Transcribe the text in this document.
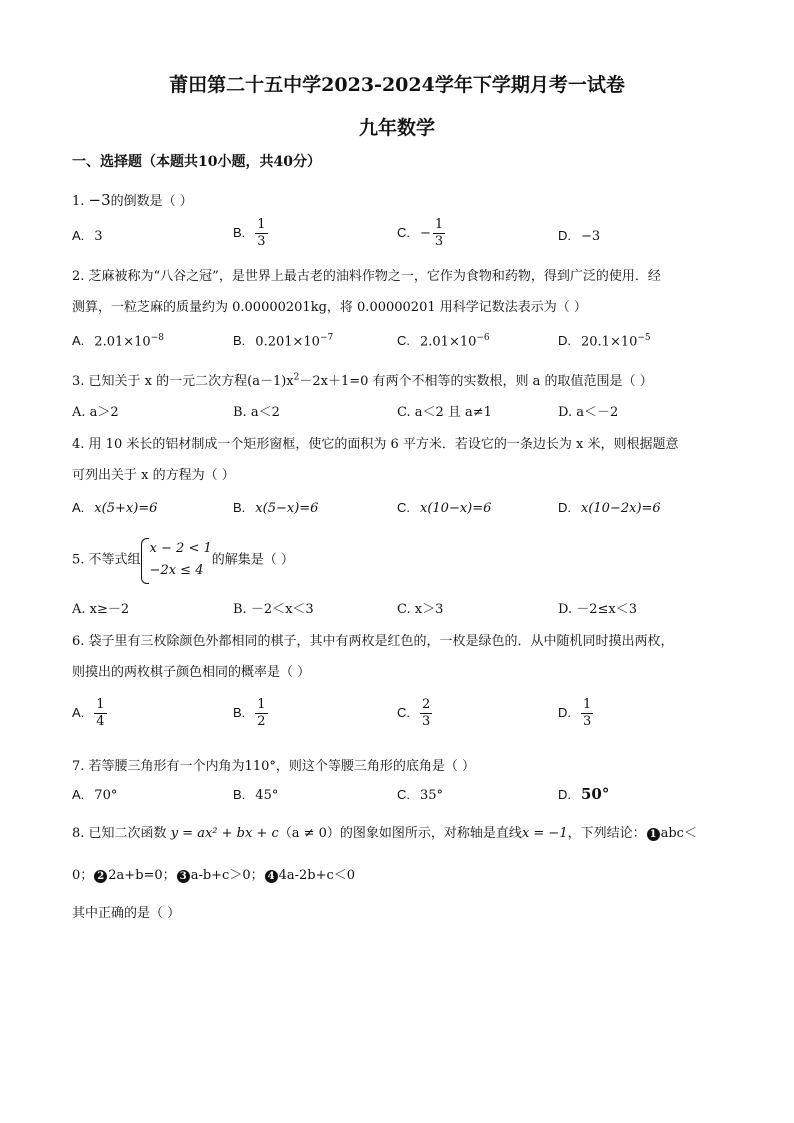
莆田第二十五中学2023-2024学年下学期月考一试卷
九年数学
一、选择题（本题共10小题，共40分）
1. −3的倒数是（ ）
A. 3	B. $\frac{1}{3}$	C. − $\frac{1}{3}$	D. −3
2. 芝麻被称为“八谷之冠”，是世界上最古老的油料作物之一，它作为食物和药物，得到广泛的使用．经
测算，一粒芝麻的质量约为 0.00000201kg，将 0.00000201 用科学记数法表示为（ ）
A. $2.01\times 10^{-8}$	B. $0.201\times 10^{-7}$	C. $2.01\times 10^{-6}$	D. $20.1\times 10^{-5}$
3. 已知关于 x 的一元二次方程$(a-1)x^2-2x+1=0$ 有两个不相等的实数根，则 a 的取值范围是（ ）
A. a＞2	B. a＜2	C. a＜2 且 a≠1	D. a＜－2
4. 用 10 米长的铝材制成一个矩形窗框，使它的面积为 6 平方米．若设它的一条边长为 x 米，则根据题意
可列出关于 x 的方程为（ ）
A. x(5+x)=6	B. x(5−x)=6	C. x(10−x)=6	D. x(10−2x)=6
5. 不等式组
x − 2 < 1
−2x ≤ 4
的解集是（ ）
A. x≥－2	B. －2＜x＜3	C. x＞3	D. －2≤x＜3
6. 袋子里有三枚除颜色外都相同的棋子，其中有两枚是红色的，一枚是绿色的．从中随机同时摸出两枚，
则摸出的两枚棋子颜色相同的概率是（ ）
A. $\frac{1}{4}$	B. $\frac{1}{2}$	C. $\frac{2}{3}$	D. $\frac{1}{3}$
7. 若等腰三角形有一个内角为110°，则这个等腰三角形的底角是（ ）
A. 70°	B. 45°	C. 35°	D. 50°
8. 已知二次函数 y = ax² + bx + c（a ≠ 0）的图象如图所示，对称轴是直线x = −1，下列结论： 1 abc＜
0； 2 2a+b=0； 3 a-b+c＞0； 4 4a-2b+c＜0
其中正确的是（ ）
